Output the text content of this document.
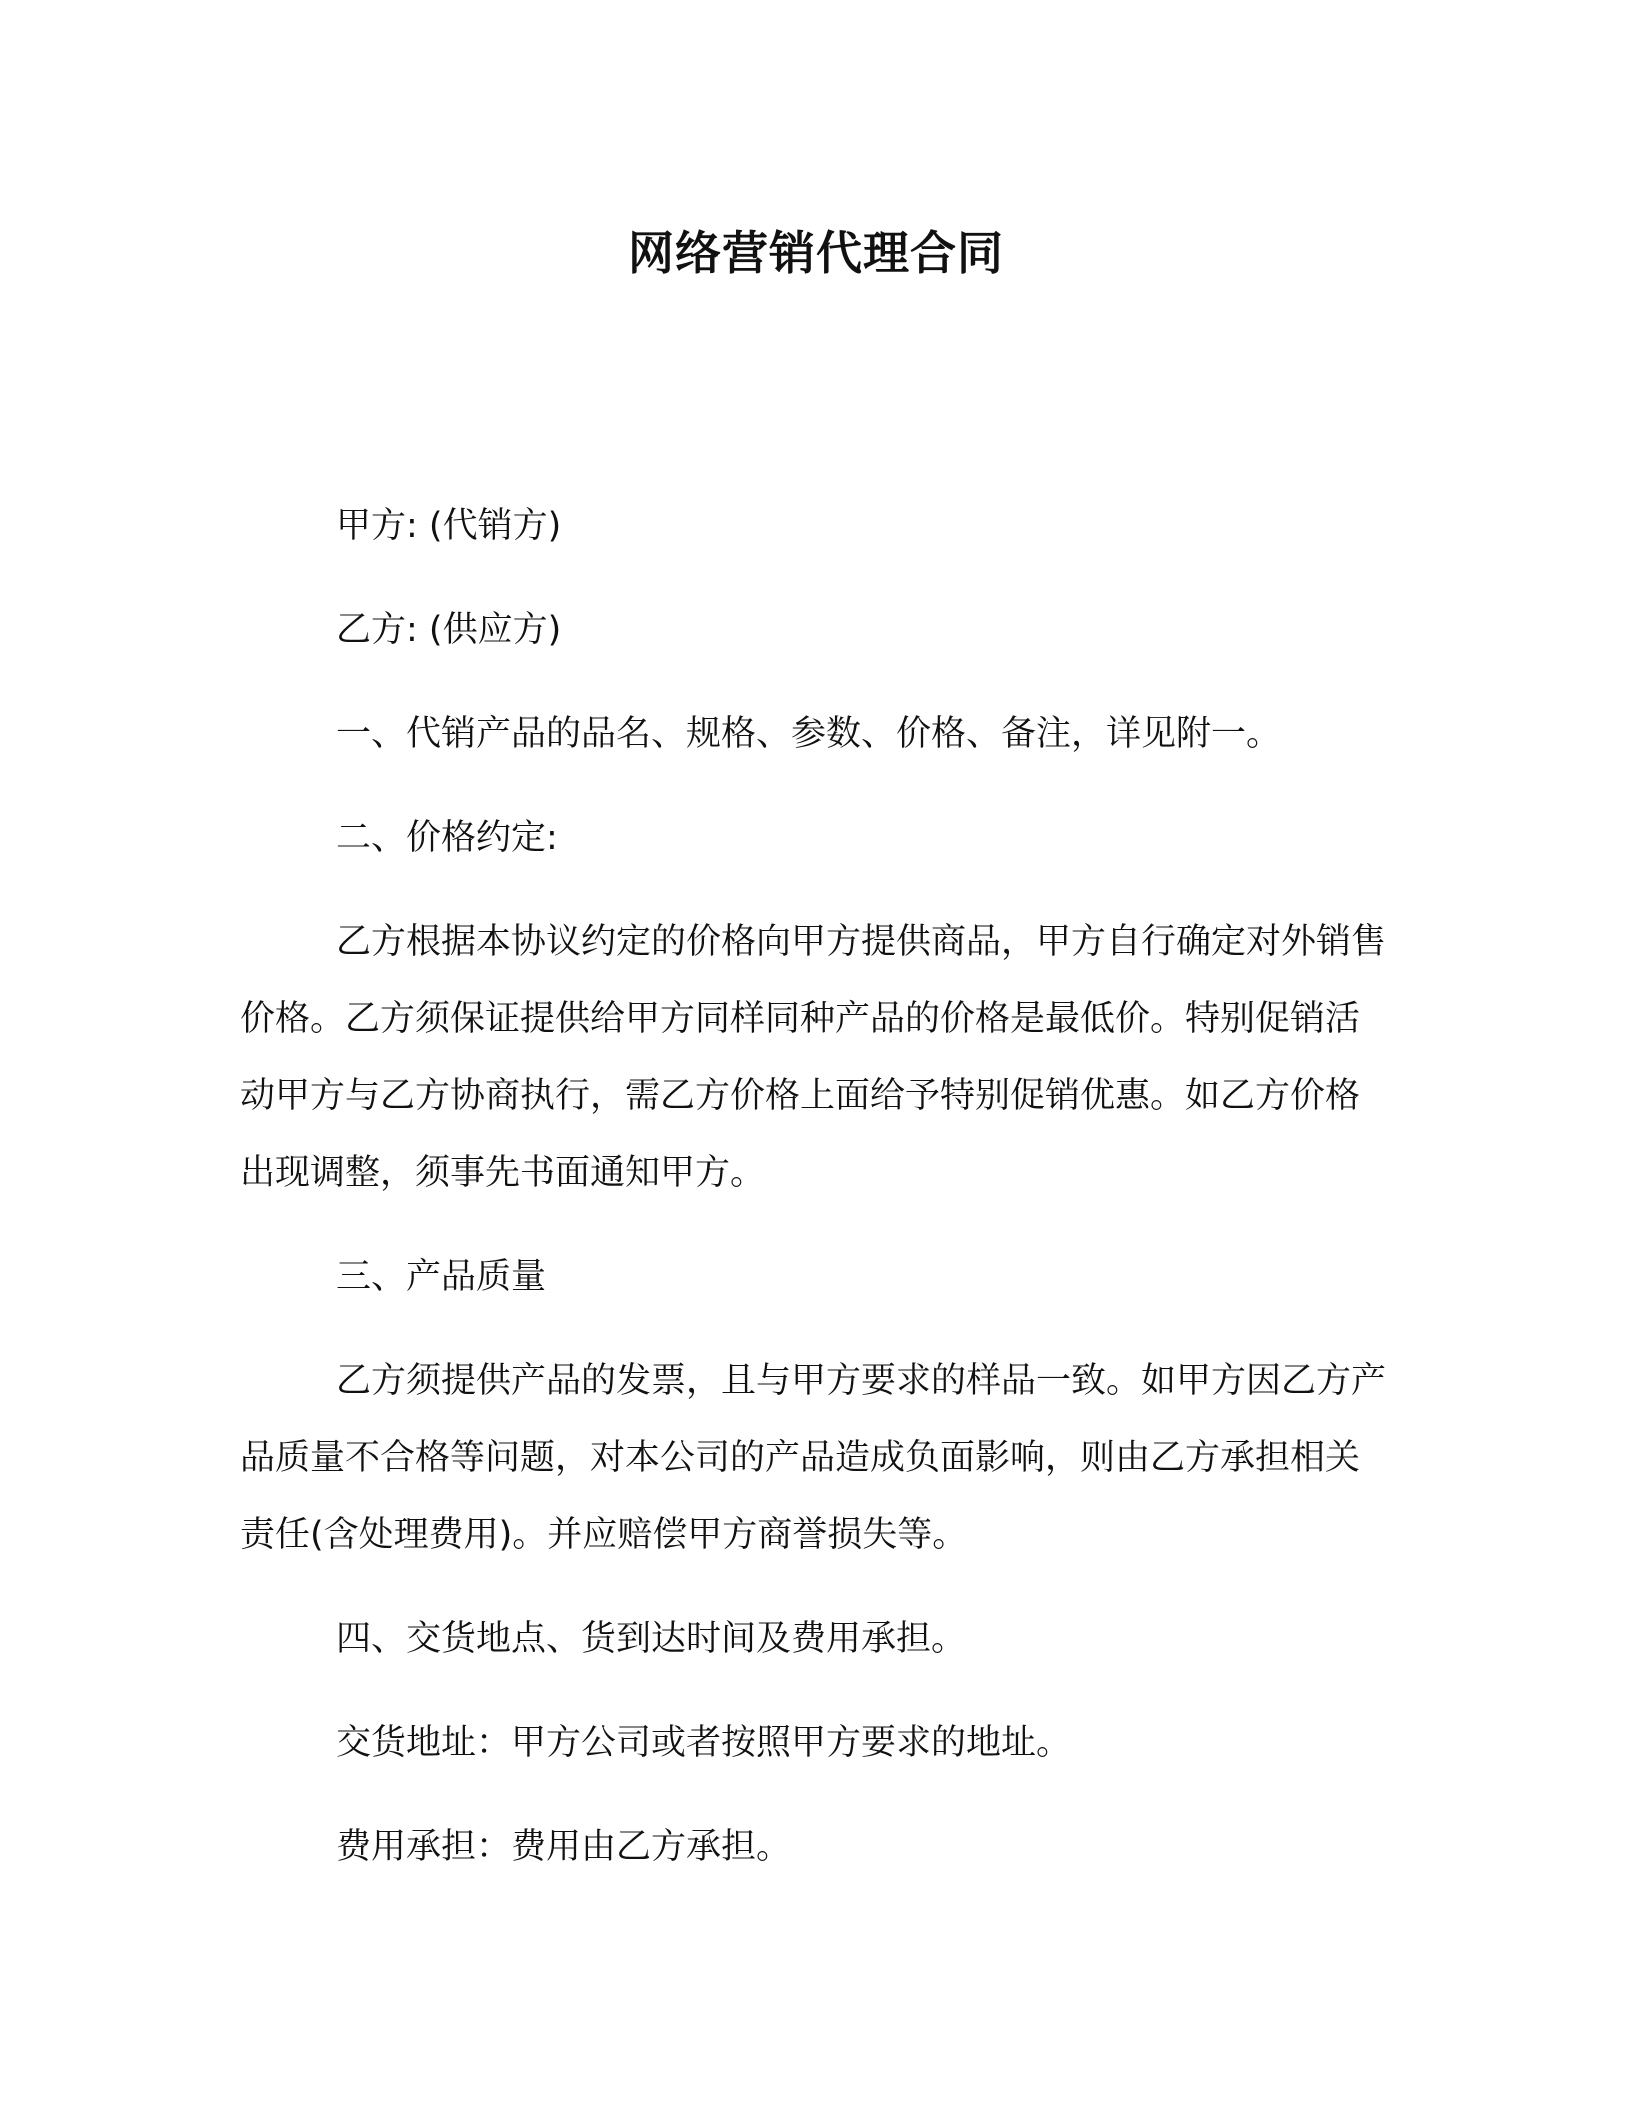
网络营销代理合同

甲方: (代销方)

乙方: (供应方)

一、代销产品的品名、规格、参数、价格、备注，详见附一。

二、价格约定:

乙方根据本协议约定的价格向甲方提供商品，甲方自行确定对外销售价格。乙方须保证提供给甲方同样同种产品的价格是最低价。特别促销活动甲方与乙方协商执行，需乙方价格上面给予特别促销优惠。如乙方价格出现调整，须事先书面通知甲方。

三、产品质量

乙方须提供产品的发票，且与甲方要求的样品一致。如甲方因乙方产品质量不合格等问题，对本公司的产品造成负面影响，则由乙方承担相关责任(含处理费用)。并应赔偿甲方商誉损失等。

四、交货地点、货到达时间及费用承担。

交货地址：甲方公司或者按照甲方要求的地址。

费用承担：费用由乙方承担。
